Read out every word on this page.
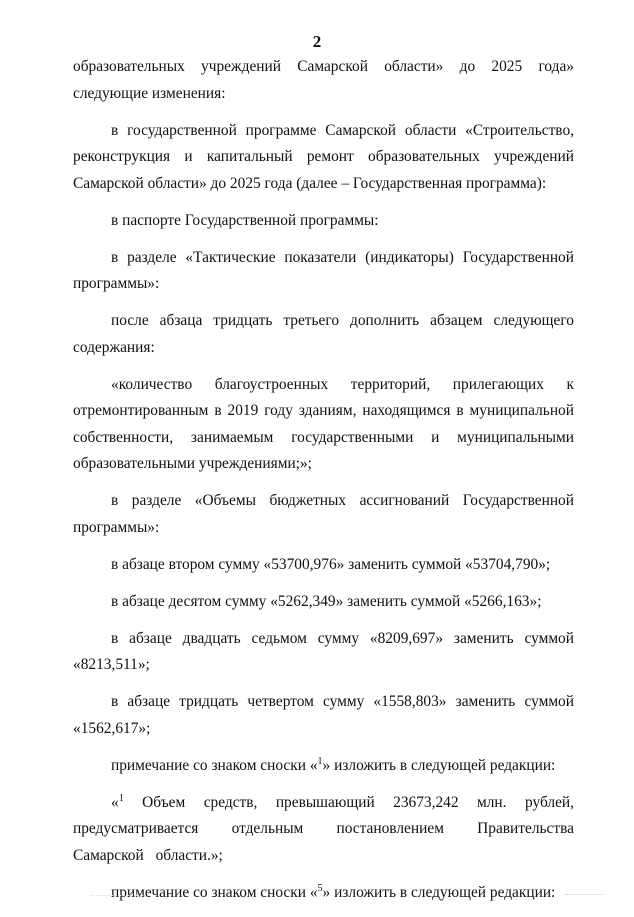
2

образовательных учреждений Самарской области» до 2025 года» следующие изменения:

в государственной программе Самарской области «Строительство, реконструкция и капитальный ремонт образовательных учреждений Самарской области» до 2025 года (далее – Государственная программа):

в паспорте Государственной программы:

в разделе «Тактические показатели (индикаторы) Государственной программы»:

после абзаца тридцать третьего дополнить абзацем следующего содержания:

«количество благоустроенных территорий, прилегающих к отремонтированным в 2019 году зданиям, находящимся в муниципальной собственности, занимаемым государственными и муниципальными образовательными учреждениями;»;

в разделе «Объемы бюджетных ассигнований Государственной программы»:

в абзаце втором сумму «53700,976» заменить суммой «53704,790»;

в абзаце десятом сумму «5262,349» заменить суммой «5266,163»;

в абзаце двадцать седьмом сумму «8209,697» заменить суммой «8213,511»;

в абзаце тридцать четвертом сумму «1558,803» заменить суммой «1562,617»;

примечание со знаком сноски «$^1$» изложить в следующей редакции:

«$^1$ Объем средств, превышающий 23673,242 млн. рублей, предусматривается отдельным постановлением Правительства Самарской области.»;

примечание со знаком сноски «$^5$» изложить в следующей редакции:
